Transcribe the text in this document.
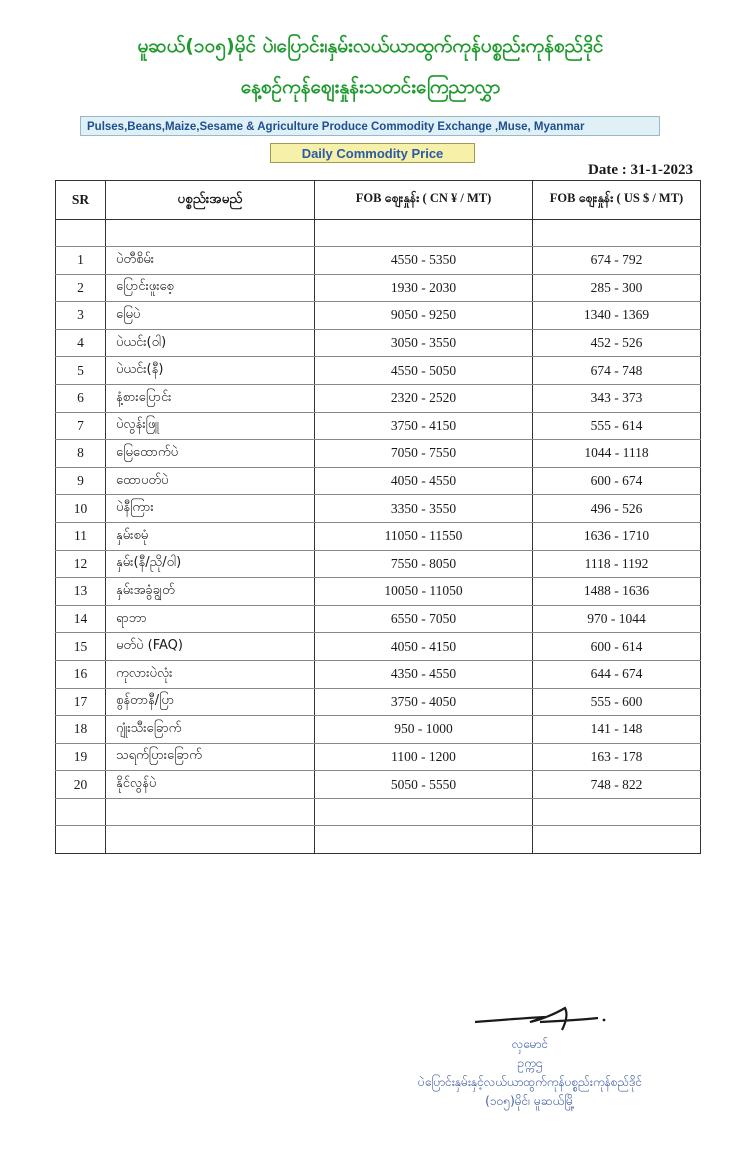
မူဆယ်(၁၀၅)မိုင် ပဲ၊ပြောင်း၊နှမ်းလယ်ယာထွက်ကုန်ပစ္စည်းကုန်စည်ဒိုင်
နေ့စဉ်ကုန်စျေးနှုန်းသတင်းကြေညာလွှာ
Pulses,Beans,Maize,Sesame & Agriculture Produce Commodity Exchange ,Muse, Myanmar
Daily Commodity Price
Date : 31-1-2023
SR	ပစ္စည်းအမည်	FOB ဈေးနှုန်း ( CN ¥ / MT)	FOB ဈေးနှုန်း ( US $ / MT)

1	ပဲတီစိမ်း	4550 - 5350	674 - 792
2	ပြောင်းဖူးစေ့	1930 - 2030	285 - 300
3	မြေပဲ	9050 - 9250	1340 - 1369
4	ပဲယင်း(ဝါ)	3050 - 3550	452 - 526
5	ပဲယင်း(နီ)	4550 - 5050	674 - 748
6	နံ့စားပြောင်း	2320 - 2520	343 - 373
7	ပဲလွန်းဖြူ	3750 - 4150	555 - 614
8	မြေထောက်ပဲ	7050 - 7550	1044 - 1118
9	ထောပတ်ပဲ	4050 - 4550	600 - 674
10	ပဲနီကြား	3350 - 3550	496 - 526
11	နှမ်းစမုံ	11050 - 11550	1636 - 1710
12	နှမ်း(နီ/ညို/ဝါ)	7550 - 8050	1118 - 1192
13	နှမ်းအခွံချွတ်	10050 - 11050	1488 - 1636
14	ရာဘာ	6550 - 7050	970 - 1044
15	မတ်ပဲ (FAQ)	4050 - 4150	600 - 614
16	ကုလားပဲလုံး	4350 - 4550	644 - 674
17	စွန်တာနီ/ပြာ	3750 - 4050	555 - 600
18	ဂျုံးသီးခြောက်	950 - 1000	141 - 148
19	သရက်ပြားခြောက်	1100 - 1200	163 - 178
20	နိုင်လွန်ပဲ	5050 - 5550	748 - 822

လှမောင်
ဥက္ကဌ
ပဲပြောင်းနှမ်းနှင့်လယ်ယာထွက်ကုန်ပစ္စည်းကုန်စည်ဒိုင်
(၁၀၅)မိုင်၊ မူဆယ်မြို့
